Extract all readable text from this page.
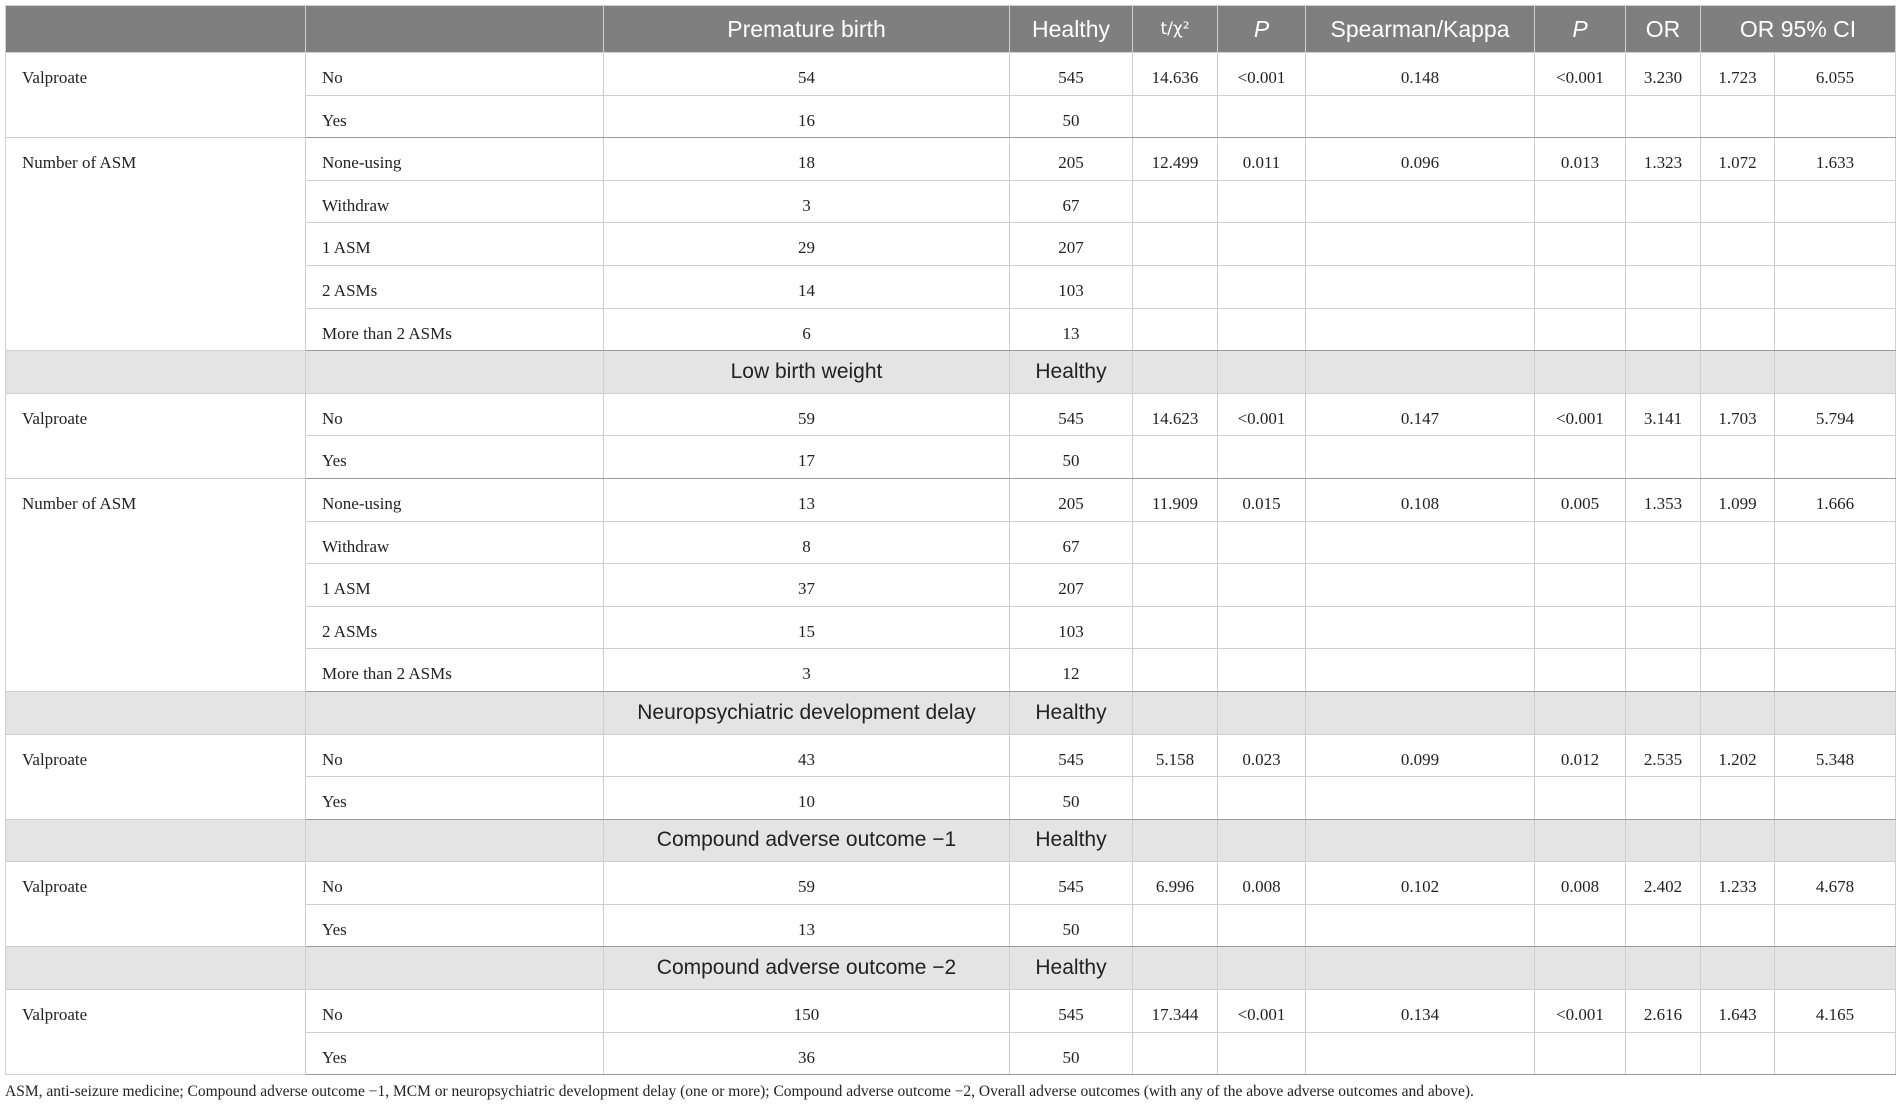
		Premature birth	Healthy	t/χ²	P	Spearman/Kappa	P	OR	OR 95% CI	
Valproate	No	54	545	14.636	<0.001	0.148	<0.001	3.230	1.723	6.055
	Yes	16	50							
Number of ASM	None-using	18	205	12.499	0.011	0.096	0.013	1.323	1.072	1.633
	Withdraw	3	67							
	1 ASM	29	207							
	2 ASMs	14	103							
	More than 2 ASMs	6	13							
		Low birth weight	Healthy							
Valproate	No	59	545	14.623	<0.001	0.147	<0.001	3.141	1.703	5.794
	Yes	17	50							
Number of ASM	None-using	13	205	11.909	0.015	0.108	0.005	1.353	1.099	1.666
	Withdraw	8	67							
	1 ASM	37	207							
	2 ASMs	15	103							
	More than 2 ASMs	3	12							
		Neuropsychiatric development delay	Healthy							
Valproate	No	43	545	5.158	0.023	0.099	0.012	2.535	1.202	5.348
	Yes	10	50							
		Compound adverse outcome −1	Healthy							
Valproate	No	59	545	6.996	0.008	0.102	0.008	2.402	1.233	4.678
	Yes	13	50							
		Compound adverse outcome −2	Healthy							
Valproate	No	150	545	17.344	<0.001	0.134	<0.001	2.616	1.643	4.165
	Yes	36	50							
ASM, anti-seizure medicine; Compound adverse outcome −1, MCM or neuropsychiatric development delay (one or more); Compound adverse outcome −2, Overall adverse outcomes (with any of the above adverse outcomes and above).
